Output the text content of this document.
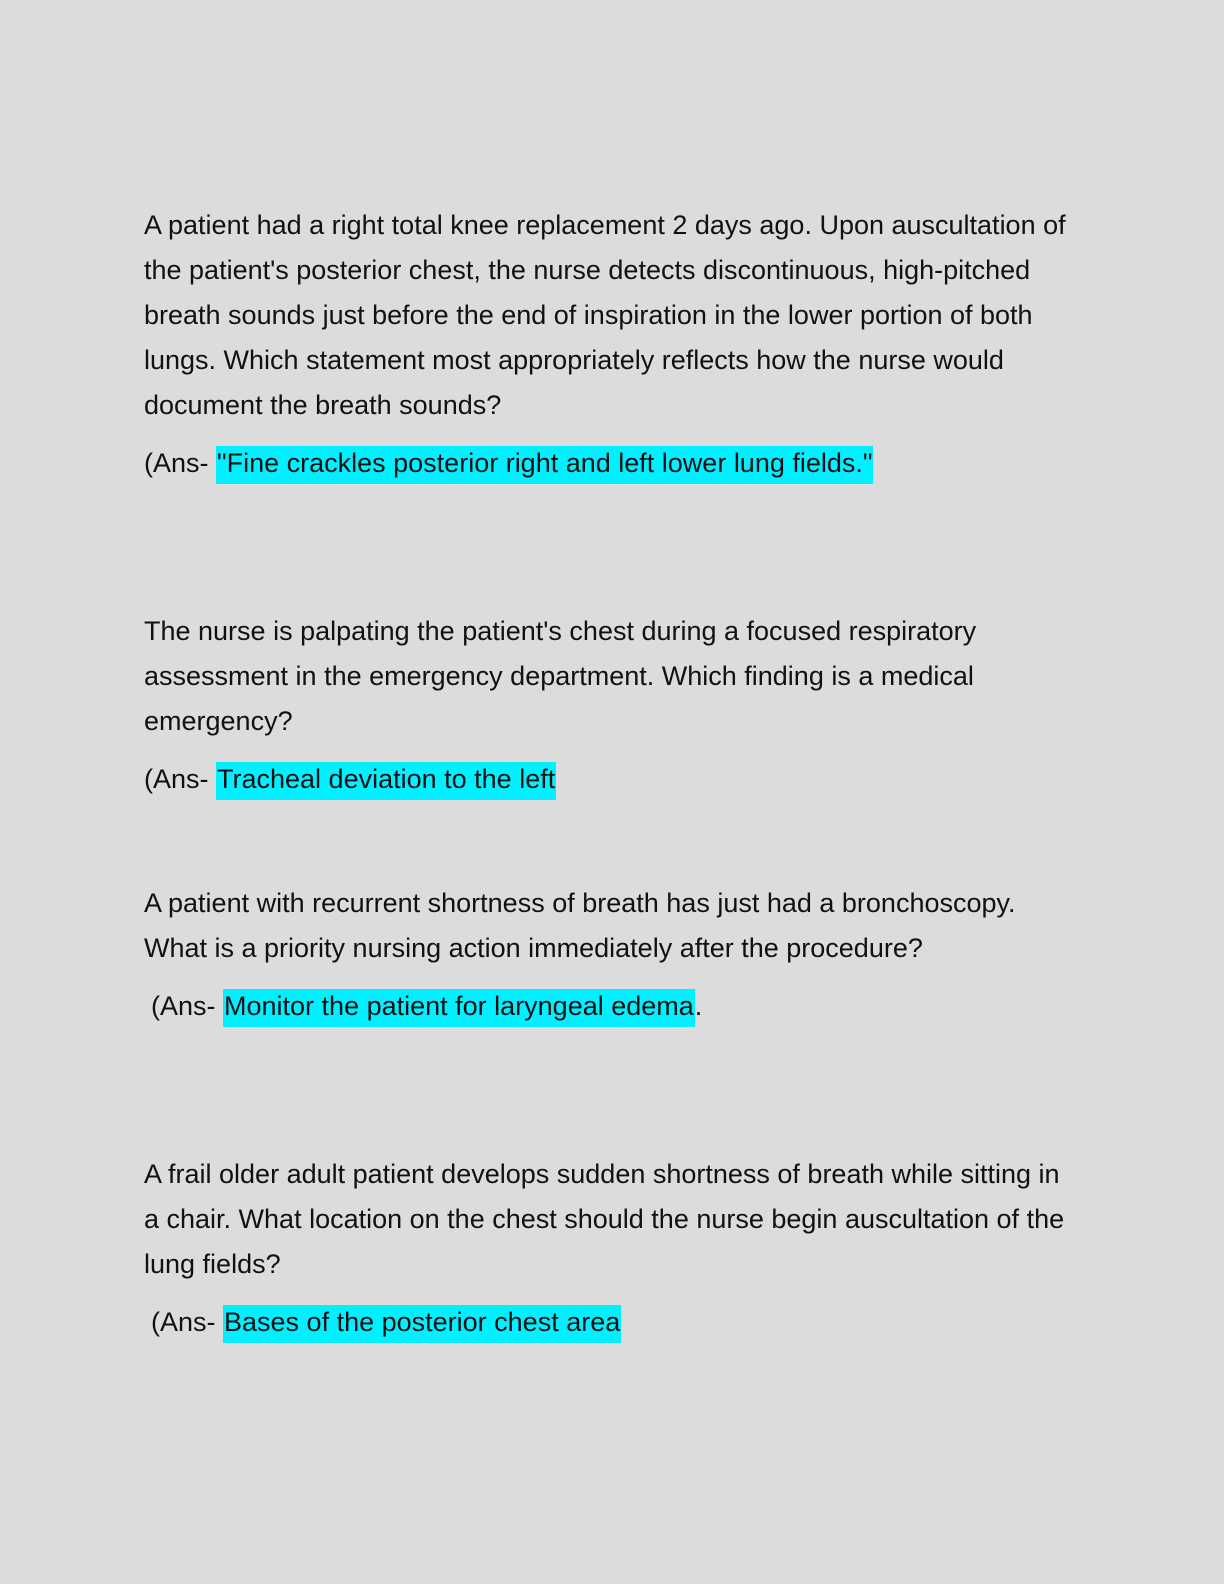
A patient had a right total knee replacement 2 days ago. Upon auscultation of the patient's posterior chest, the nurse detects discontinuous, high-pitched breath sounds just before the end of inspiration in the lower portion of both lungs. Which statement most appropriately reflects how the nurse would document the breath sounds?

(Ans- "Fine crackles posterior right and left lower lung fields."

The nurse is palpating the patient's chest during a focused respiratory assessment in the emergency department. Which finding is a medical emergency?

(Ans- Tracheal deviation to the left

A patient with recurrent shortness of breath has just had a bronchoscopy. What is a priority nursing action immediately after the procedure?

(Ans- Monitor the patient for laryngeal edema.

A frail older adult patient develops sudden shortness of breath while sitting in a chair. What location on the chest should the nurse begin auscultation of the lung fields?

(Ans- Bases of the posterior chest area
